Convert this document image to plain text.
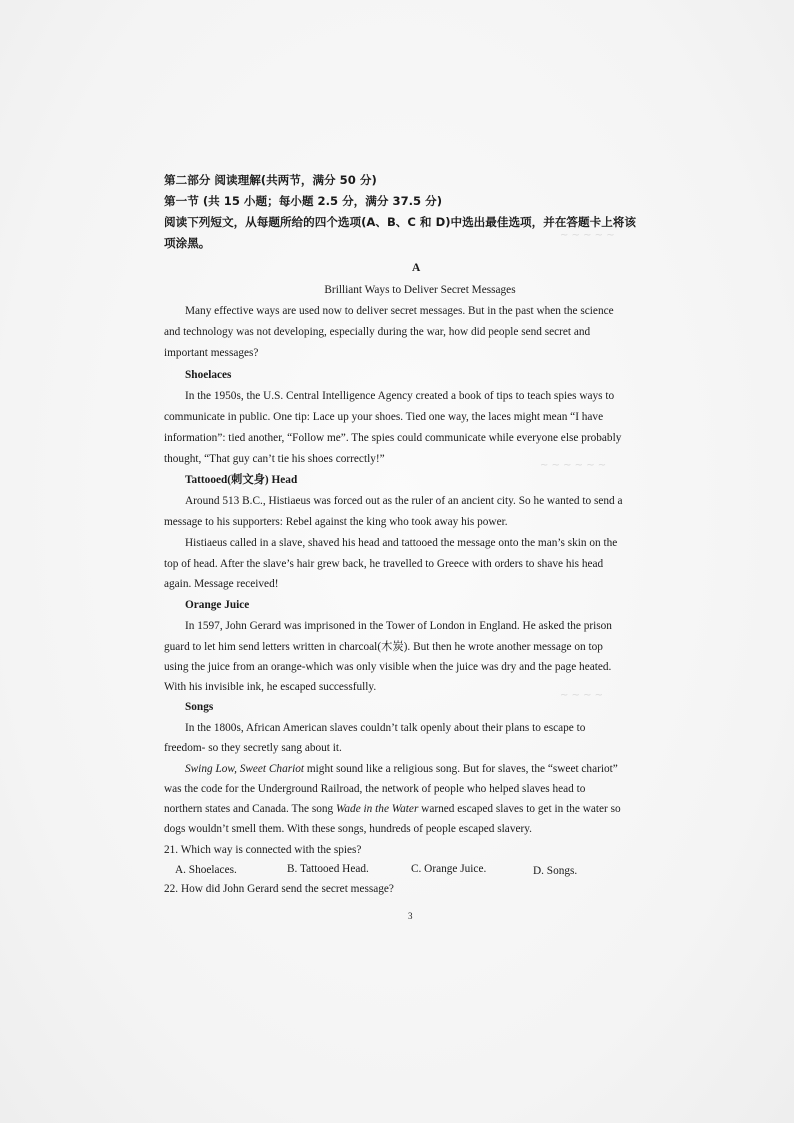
~ ~ ~ ~ ~
~ ~ ~ ~ ~ ~
~ ~ ~ ~
第二部分 阅读理解(共两节，满分 50 分)
第一节 (共 15 小题；每小题 2.5 分，满分 37.5 分)
阅读下列短文，从每题所给的四个选项(A、B、C 和 D)中选出最佳选项，并在答题卡上将该
项涂黑。
A
Brilliant Ways to Deliver Secret Messages
Many effective ways are used now to deliver secret messages. But in the past when the science
and technology was not developing, especially during the war, how did people send secret and
important messages?
Shoelaces
In the 1950s, the U.S. Central Intelligence Agency created a book of tips to teach spies ways to
communicate in public. One tip: Lace up your shoes. Tied one way, the laces might mean “I have
information”: tied another, “Follow me”. The spies could communicate while everyone else probably
thought, “That guy can’t tie his shoes correctly!”
Tattooed(刺文身) Head
Around 513 B.C., Histiaeus was forced out as the ruler of an ancient city. So he wanted to send a
message to his supporters: Rebel against the king who took away his power.
Histiaeus called in a slave, shaved his head and tattooed the message onto the man’s skin on the
top of head. After the slave’s hair grew back, he travelled to Greece with orders to shave his head
again. Message received!
Orange Juice
In 1597, John Gerard was imprisoned in the Tower of London in England. He asked the prison
guard to let him send letters written in charcoal(木炭). But then he wrote another message on top
using the juice from an orange-which was only visible when the juice was dry and the page heated.
With his invisible ink, he escaped successfully.
Songs
In the 1800s, African American slaves couldn’t talk openly about their plans to escape to
freedom- so they secretly sang about it.
Swing Low, Sweet Chariot might sound like a religious song. But for slaves, the “sweet chariot”
was the code for the Underground Railroad, the network of people who helped slaves head to
northern states and Canada. The song Wade in the Water warned escaped slaves to get in the water so
dogs wouldn’t smell them. With these songs, hundreds of people escaped slavery.
21. Which way is connected with the spies?
A. Shoelaces.	B. Tattooed Head.	C. Orange Juice.	D. Songs.
22. How did John Gerard send the secret message?
3
